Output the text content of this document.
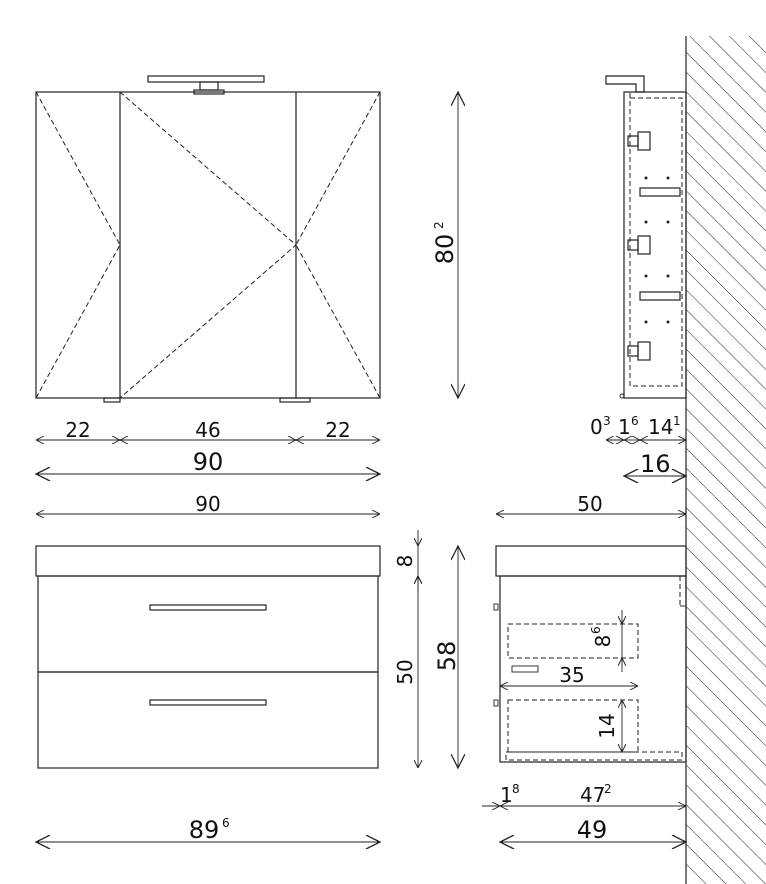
22	46	22
90
80
2
0 3 1 6 14 1
16
90
8
50
58
89 6
50
8
6
35
14
1 8	47
2
49
